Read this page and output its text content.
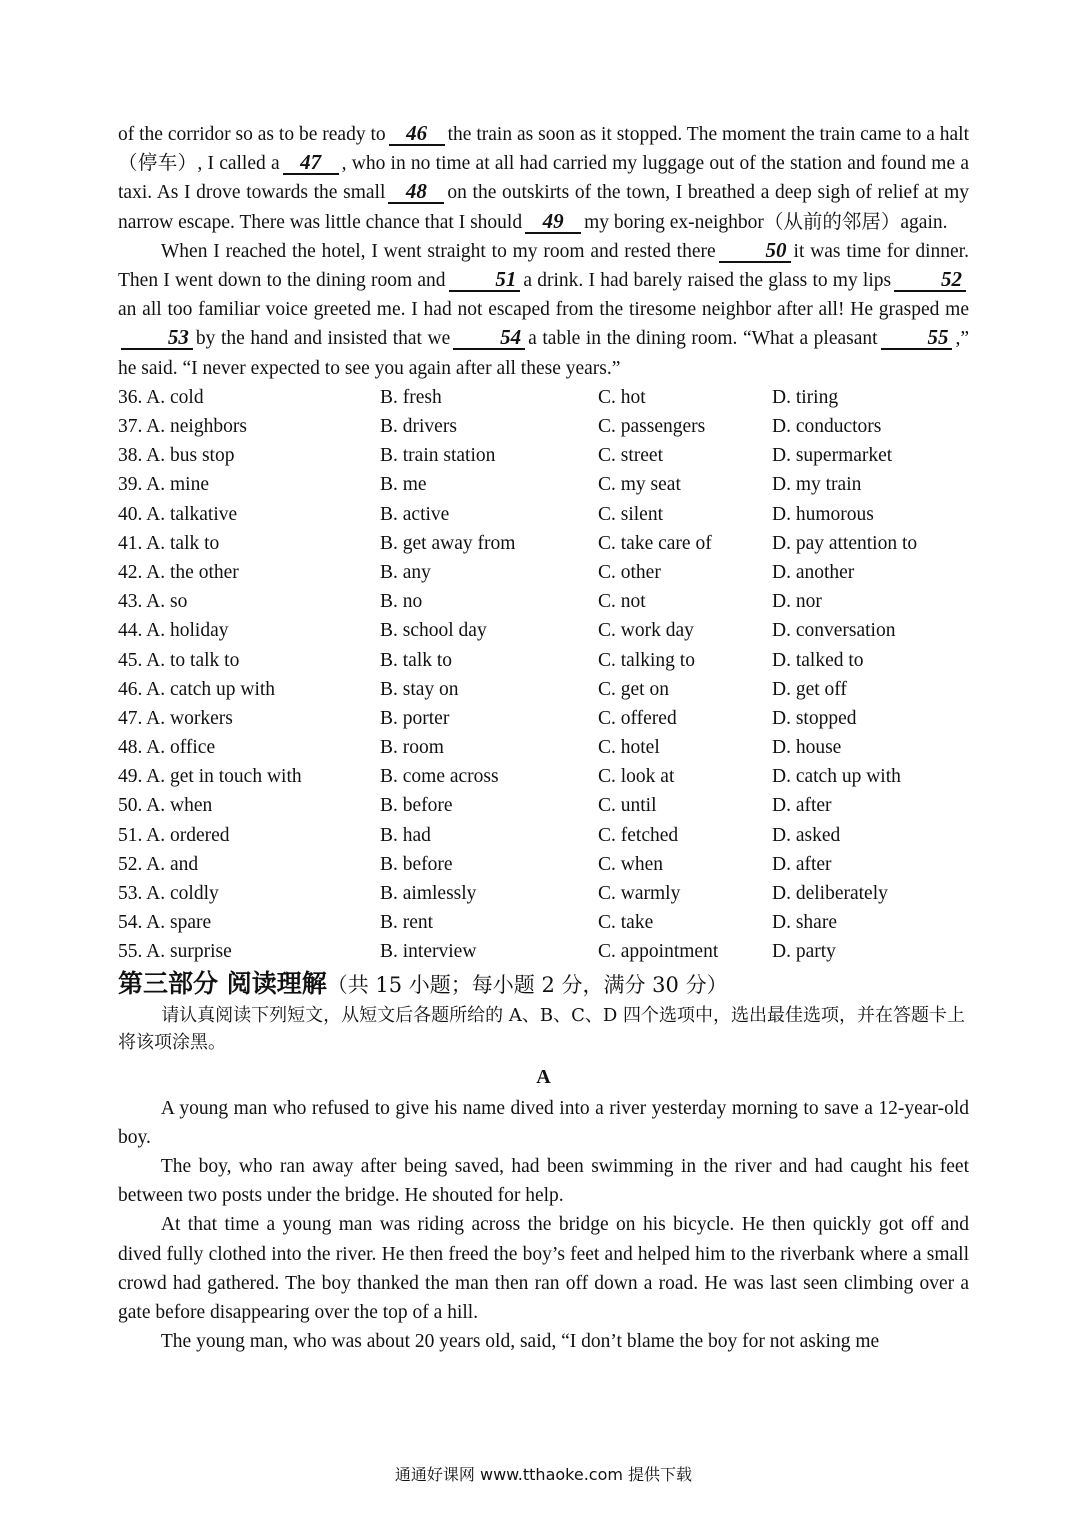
of the corridor so as to be ready to 46 the train as soon as it stopped. The moment the train came to a halt（停车）, I called a 47 , who in no time at all had carried my luggage out of the station and found me a taxi. As I drove towards the small 48 on the outskirts of the town, I breathed a deep sigh of relief at my narrow escape. There was little chance that I should 49 my boring ex-neighbor（从前的邻居）again.

When I reached the hotel, I went straight to my room and rested there 50 it was time for dinner. Then I went down to the dining room and 51 a drink. I had barely raised the glass to my lips 52an all too familiar voice greeted me. I had not escaped from the tiresome neighbor after all! He grasped me53 by the hand and insisted that we 54 a table in the dining room. “What a pleasant 55 ,” he said. “I never expected to see you again after all these years.”

36. A. cold	B. fresh	C. hot	D. tiring
37. A. neighbors	B. drivers	C. passengers	D. conductors
38. A. bus stop	B. train station	C. street	D. supermarket
39. A. mine	B. me	C. my seat	D. my train
40. A. talkative	B. active	C. silent	D. humorous
41. A. talk to	B. get away from	C. take care of	D. pay attention to
42. A. the other	B. any	C. other	D. another
43. A. so	B. no	C. not	D. nor
44. A. holiday	B. school day	C. work day	D. conversation
45. A. to talk to	B. talk to	C. talking to	D. talked to
46. A. catch up with	B. stay on	C. get on	D. get off
47. A. workers	B. porter	C. offered	D. stopped
48. A. office	B. room	C. hotel	D. house
49. A. get in touch with	B. come across	C. look at	D. catch up with
50. A. when	B. before	C. until	D. after
51. A. ordered	B. had	C. fetched	D. asked
52. A. and	B. before	C. when	D. after
53. A. coldly	B. aimlessly	C. warmly	D. deliberately
54. A. spare	B. rent	C. take	D. share
55. A. surprise	B. interview	C. appointment	D. party
第三部分 阅读理解（共 15 小题；每小题 2 分，满分 30 分）

请认真阅读下列短文，从短文后各题所给的 A、B、C、D 四个选项中，选出最佳选项，并在答题卡上将该项涂黑。

A

A young man who refused to give his name dived into a river yesterday morning to save a 12-year-old boy.

The boy, who ran away after being saved, had been swimming in the river and had caught his feet between two posts under the bridge. He shouted for help.

At that time a young man was riding across the bridge on his bicycle. He then quickly got off and dived fully clothed into the river. He then freed the boy’s feet and helped him to the riverbank where a small crowd had gathered. The boy thanked the man then ran off down a road. He was last seen climbing over a gate before disappearing over the top of a hill.

The young man, who was about 20 years old, said, “I don’t blame the boy for not asking me

通通好课网 www.tthaoke.com 提供下载
